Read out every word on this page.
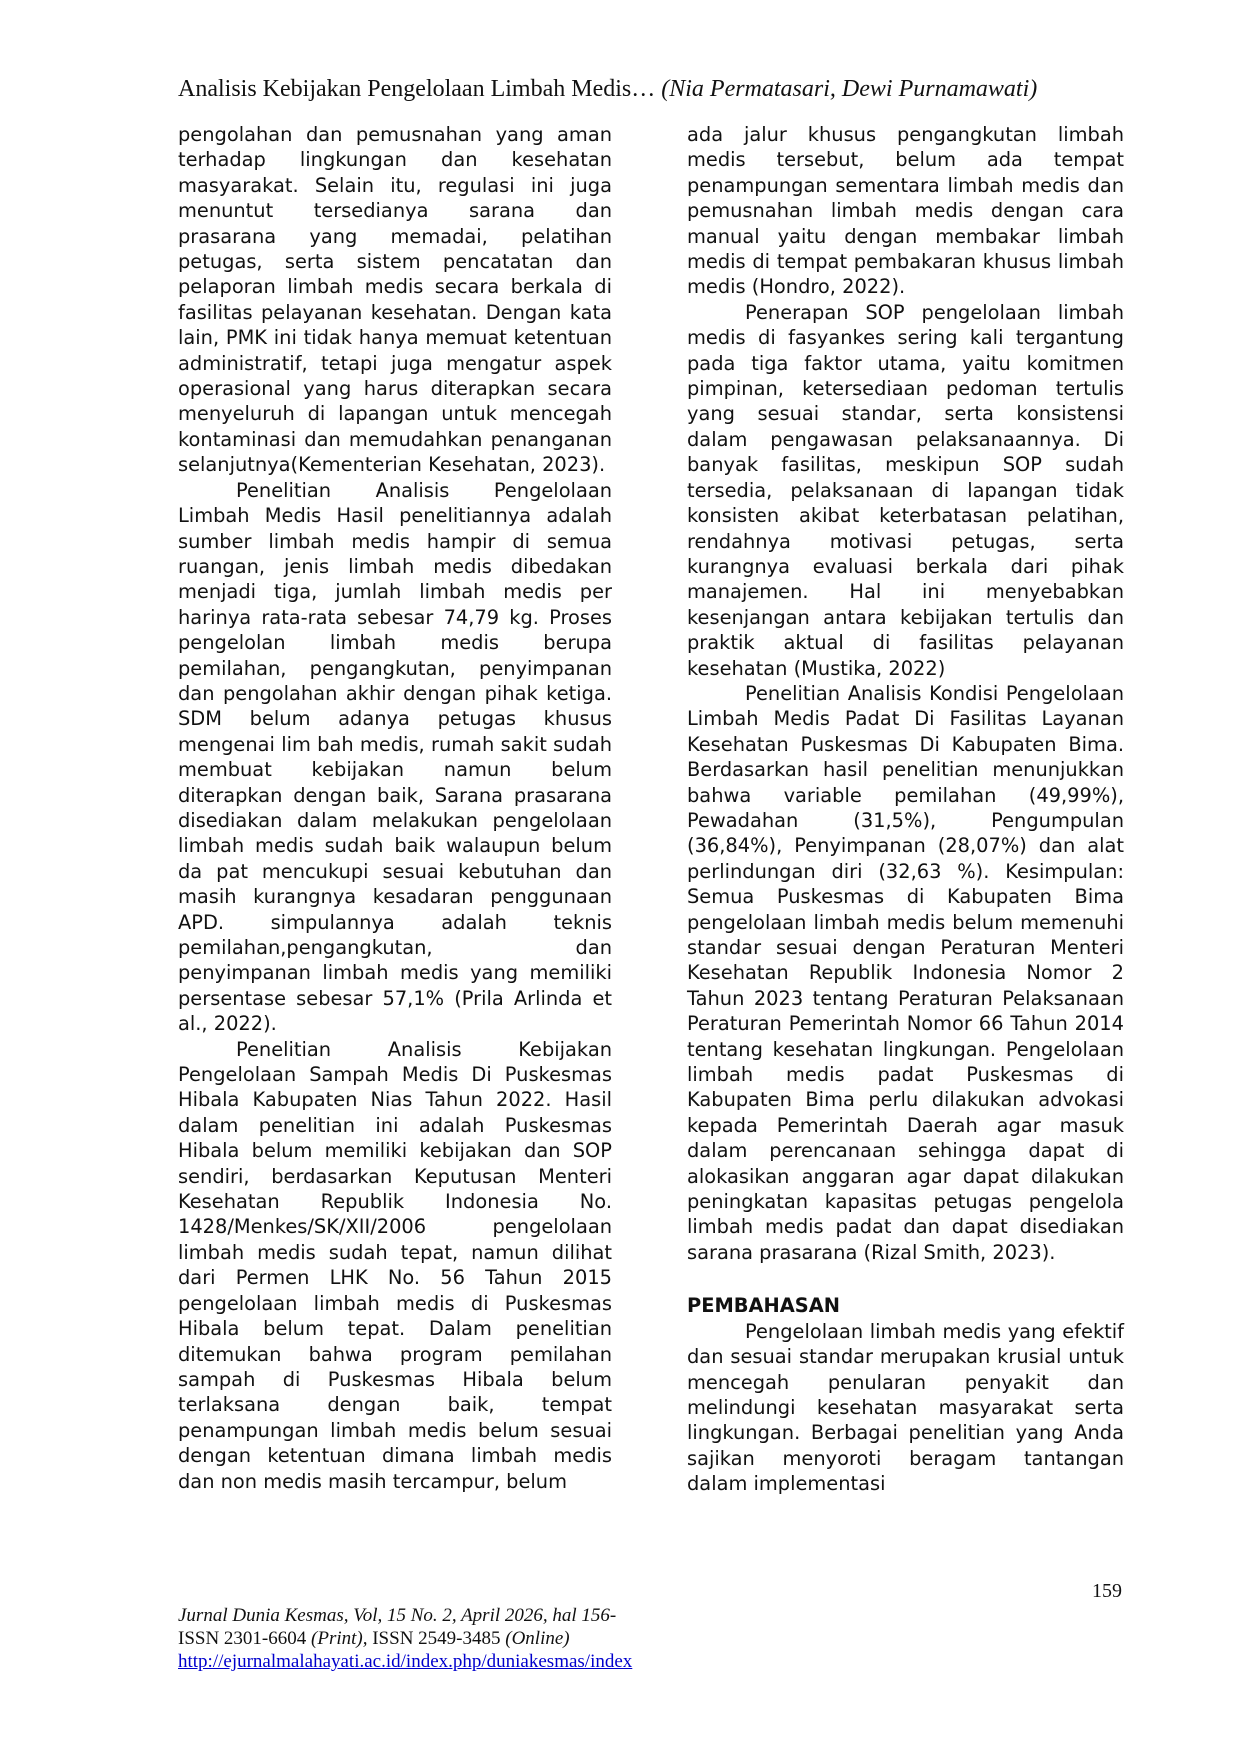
Analisis Kebijakan Pengelolaan Limbah Medis… (Nia Permatasari, Dewi Purnamawati)

pengolahan dan pemusnahan yang aman terhadap lingkungan dan kesehatan masyarakat. Selain itu, regulasi ini juga menuntut tersedianya sarana dan prasarana yang memadai, pelatihan petugas, serta sistem pencatatan dan pelaporan limbah medis secara berkala di fasilitas pelayanan kesehatan. Dengan kata lain, PMK ini tidak hanya memuat ketentuan administratif, tetapi juga mengatur aspek operasional yang harus diterapkan secara menyeluruh di lapangan untuk mencegah kontaminasi dan memudahkan penanganan selanjutnya(Kementerian Kesehatan, 2023).

Penelitian Analisis Pengelolaan Limbah Medis Hasil penelitiannya adalah sumber limbah medis hampir di semua ruangan, jenis limbah medis dibedakan menjadi tiga, jumlah limbah medis per harinya rata-rata sebesar 74,79 kg. Proses pengelolan limbah medis berupa pemilahan, pengangkutan, penyimpanan dan pengolahan akhir dengan pihak ketiga. SDM belum adanya petugas khusus mengenai lim bah medis, rumah sakit sudah membuat kebijakan namun belum diterapkan dengan baik, Sarana prasarana disediakan dalam melakukan pengelolaan limbah medis sudah baik walaupun belum da pat mencukupi sesuai kebutuhan dan masih kurangnya kesadaran penggunaan APD. simpulannya adalah teknis pemilahan,pengangkutan, dan penyimpanan limbah medis yang memiliki persentase sebesar 57,1% (Prila Arlinda et al., 2022).

Penelitian Analisis Kebijakan Pengelolaan Sampah Medis Di Puskesmas Hibala Kabupaten Nias Tahun 2022. Hasil dalam penelitian ini adalah Puskesmas Hibala belum memiliki kebijakan dan SOP sendiri, berdasarkan Keputusan Menteri Kesehatan Republik Indonesia No. 1428/Menkes/SK/XII/2006 pengelolaan limbah medis sudah tepat, namun dilihat dari Permen LHK No. 56 Tahun 2015 pengelolaan limbah medis di Puskesmas Hibala belum tepat. Dalam penelitian ditemukan bahwa program pemilahan sampah di Puskesmas Hibala belum terlaksana dengan baik, tempat penampungan limbah medis belum sesuai dengan ketentuan dimana limbah medis dan non medis masih tercampur, belum

ada jalur khusus pengangkutan limbah medis tersebut, belum ada tempat penampungan sementara limbah medis dan pemusnahan limbah medis dengan cara manual yaitu dengan membakar limbah medis di tempat pembakaran khusus limbah medis (Hondro, 2022).

Penerapan SOP pengelolaan limbah medis di fasyankes sering kali tergantung pada tiga faktor utama, yaitu komitmen pimpinan, ketersediaan pedoman tertulis yang sesuai standar, serta konsistensi dalam pengawasan pelaksanaannya. Di banyak fasilitas, meskipun SOP sudah tersedia, pelaksanaan di lapangan tidak konsisten akibat keterbatasan pelatihan, rendahnya motivasi petugas, serta kurangnya evaluasi berkala dari pihak manajemen. Hal ini menyebabkan kesenjangan antara kebijakan tertulis dan praktik aktual di fasilitas pelayanan kesehatan (Mustika, 2022)

Penelitian Analisis Kondisi Pengelolaan Limbah Medis Padat Di Fasilitas Layanan Kesehatan Puskesmas Di Kabupaten Bima. Berdasarkan hasil penelitian menunjukkan bahwa variable pemilahan (49,99%), Pewadahan (31,5%), Pengumpulan (36,84%), Penyimpanan (28,07%) dan alat perlindungan diri (32,63 %). Kesimpulan: Semua Puskesmas di Kabupaten Bima pengelolaan limbah medis belum memenuhi standar sesuai dengan Peraturan Menteri Kesehatan Republik Indonesia Nomor 2 Tahun 2023 tentang Peraturan Pelaksanaan Peraturan Pemerintah Nomor 66 Tahun 2014 tentang kesehatan lingkungan. Pengelolaan limbah medis padat Puskesmas di Kabupaten Bima perlu dilakukan advokasi kepada Pemerintah Daerah agar masuk dalam perencanaan sehingga dapat di alokasikan anggaran agar dapat dilakukan peningkatan kapasitas petugas pengelola limbah medis padat dan dapat disediakan sarana prasarana (Rizal Smith, 2023).

PEMBAHASAN

Pengelolaan limbah medis yang efektif dan sesuai standar merupakan krusial untuk mencegah penularan penyakit dan melindungi kesehatan masyarakat serta lingkungan. Berbagai penelitian yang Anda sajikan menyoroti beragam tantangan dalam implementasi

159
Jurnal Dunia Kesmas, Vol, 15 No. 2, April 2026, hal 156-
ISSN 2301-6604 (Print), ISSN 2549-3485 (Online)
http://ejurnalmalahayati.ac.id/index.php/duniakesmas/index
